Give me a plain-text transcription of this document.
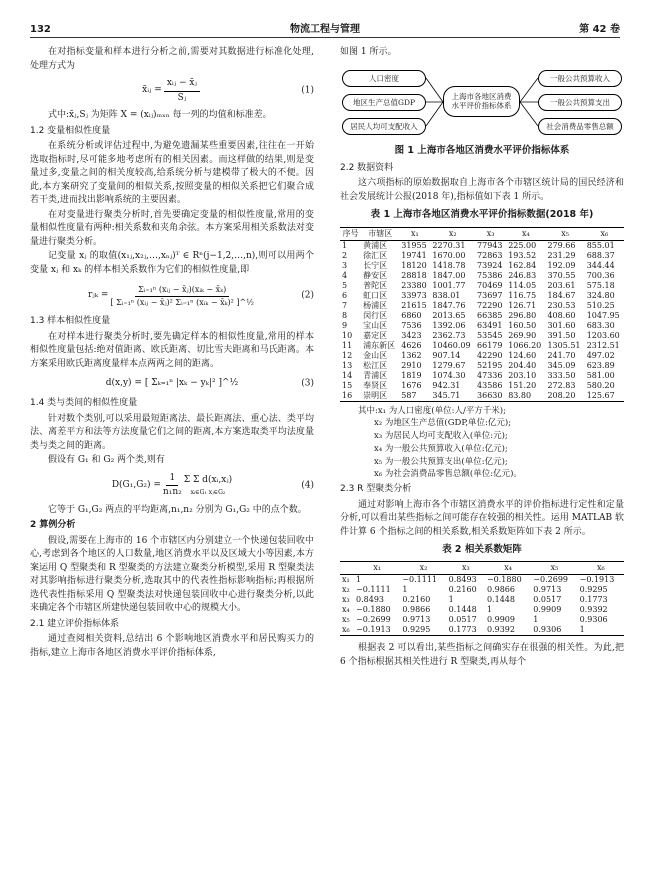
132	物流工程与管理	第 42 卷

在对指标变量和样本进行分析之前,需要对其数据进行标准化处理,处理方式为

x̃ᵢⱼ = $\frac{\text{xᵢⱼ − x̄ⱼ}}{\text{Sⱼ}}$	(1)

式中:x̄ⱼ,Sⱼ 为矩阵 X = (xᵢⱼ)ₘₓₙ 每一列的均值和标准差。

1.2 变量相似性度量

在系统分析或评估过程中,为避免遗漏某些重要因素,往往在一开始选取指标时,尽可能多地考虑所有的相关因素。而这样做的结果,则是变量过多,变量之间的相关度较高,给系统分析与建模带了极大的不便。因此,本方案研究了变量间的相似关系,按照变量的相似关系把它们聚合成若干类,进而找出影响系统的主要因素。

在对变量进行聚类分析时,首先要确定变量的相似性度量,常用的变量相似性度量有两种:相关系数和夹角余弦。本方案采用相关系数法对变量进行聚类分析。

记变量 xⱼ 的取值(x₁ⱼ,x₂ⱼ,…,xₙⱼ)ᵀ ∈ Rⁿ(j−1,2,…,n),则可以用两个变量 xⱼ 和 xₖ 的样本相关系数作为它们的相似性度量,即

rⱼₖ = $\frac{\text{Σᵢ₌₁ⁿ (xᵢⱼ − x̄ⱼ)(xᵢₖ − x̄ₖ)}}{\text{[ Σᵢ₌₁ⁿ (xᵢⱼ − x̄ⱼ)² Σᵢ₌₁ⁿ (xᵢₖ − x̄ₖ)² ]\textasciicircum{}½}}$	(2)
1.3 样本相似性度量

在对样本进行聚类分析时,要先确定样本的相似性度量,常用的样本相似性度量包括:绝对值距离、欧氏距离、切比雪夫距离和马氏距离。本方案采用欧氏距离度量样本点两两之间的距离。

d(x,y) = [ Σₖ₌₁ⁿ |xₖ − yₖ|² ]^½	(3)
1.4 类与类间的相似性度量

针对数个类别,可以采用最短距离法、最长距离法、重心法、类平均法、离差平方和法等方法度量它们之间的距离,本方案选取类平均法度量类与类之间的距离。

假设有 G₁ 和 G₂ 两个类,则有

$D(G_1,G_2) = \frac{1}{\text{n₁n₂}}$ Σ Σ d(xᵢ,xⱼ)
xᵢ∈G₁ xⱼ∈G₂
(4)

它等于 G₁,G₂ 两点的平均距离,n₁,n₂ 分别为 G₁,G₂ 中的点个数。

2 算例分析

假设,需要在上海市的 16 个市辖区内分别建立一个快递包装回收中心,考虑到各个地区的人口数量,地区消费水平以及区域大小等因素,本方案运用 Q 型聚类和 R 型聚类的方法建立聚类分析模型,采用 R 型聚类法对其影响指标进行聚类分析,选取其中的代表性指标影响指标;再根据所选代表性指标采用 Q 型聚类法对快递包装回收中心进行聚类分析,以此来确定各个市辖区所建快递包装回收中心的规模大小。

2.1 建立评价指标体系

通过查阅相关资料,总结出 6 个影响地区消费水平和居民购买力的指标,建立上海市各地区消费水平评价指标体系,

如图 1 所示。
人口密度
地区生产总值GDP
居民人均可支配收入
上海市各地区消费水平评价指标体系
一般公共预算收入
一般公共预算支出
社会消费品零售总额
图 1 上海市各地区消费水平评价指标体系
2.2 数据资料

这六项指标的原始数据取自上海市各个市辖区统计局的国民经济和社会发展统计公报(2018 年),指标值如下表 1 所示。

表 1 上海市各地区消费水平评价指标数据(2018 年)
序号	市辖区	x₁	x₂	x₃	x₄	x₅	x₆
1	黄浦区	31955	2270.31	77943	225.00	279.66	855.01
2	徐汇区	19741	1670.00	72863	193.52	231.29	688.37
3	长宁区	18120	1418.78	73924	162.84	192.09	344.44
4	静安区	28818	1847.00	75386	246.83	370.55	700.36
5	普陀区	23380	1001.77	70469	114.05	203.61	575.18
6	虹口区	33973	838.01	73697	116.75	184.67	324.80
7	杨浦区	21615	1847.76	72290	126.71	230.53	510.25
8	闵行区	6860	2013.65	66385	296.80	408.60	1047.95
9	宝山区	7536	1392.06	63491	160.50	301.60	683.30
10	嘉定区	3423	2362.73	53545	269.90	391.50	1203.60
11	浦东新区	4626	10460.09	66179	1066.20	1305.51	2312.51
12	金山区	1362	907.14	42290	124.60	241.70	497.02
13	松江区	2910	1279.67	52195	204.40	345.09	623.89
14	青浦区	1819	1074.30	47336	203.10	333.50	581.00
15	奉贤区	1676	942.31	43586	151.20	272.83	580.20
16	崇明区	587	345.71	36630	83.80	208.20	125.67
其中:x₁ 为人口密度(单位:人/平方千米);
x₂ 为地区生产总值(GDP,单位:亿元);
x₃ 为居民人均可支配收入(单位:元);
x₄ 为一般公共预算收入(单位:亿元);
x₅ 为一般公共预算支出(单位:亿元);
x₆ 为社会消费品零售总额(单位:亿元)。
2.3 R 型聚类分析

通过对影响上海市各个市辖区消费水平的评价指标进行定性和定量分析,可以看出某些指标之间可能存在较强的相关性。运用 MATLAB 软件计算 6 个指标之间的相关系数,相关系数矩阵如下表 2 所示。

表 2 相关系数矩阵
	x₁	x₂	x₃	x₄	x₅	x₆
x₁	1	−0.1111	0.8493	−0.1880	−0.2699	−0.1913
x₂	−0.1111	1	0.2160	0.9866	0.9713	0.9295
x₃	0.8493	0.2160	1	0.1448	0.0517	0.1773
x₄	−0.1880	0.9866	0.1448	1	0.9909	0.9392
x₅	−0.2699	0.9713	0.0517	0.9909	1	0.9306
x₆	−0.1913	0.9295	0.1773	0.9392	0.9306	1

根据表 2 可以看出,某些指标之间确实存在很强的相关性。为此,把 6 个指标根据其相关性进行 R 型聚类,再从每个
